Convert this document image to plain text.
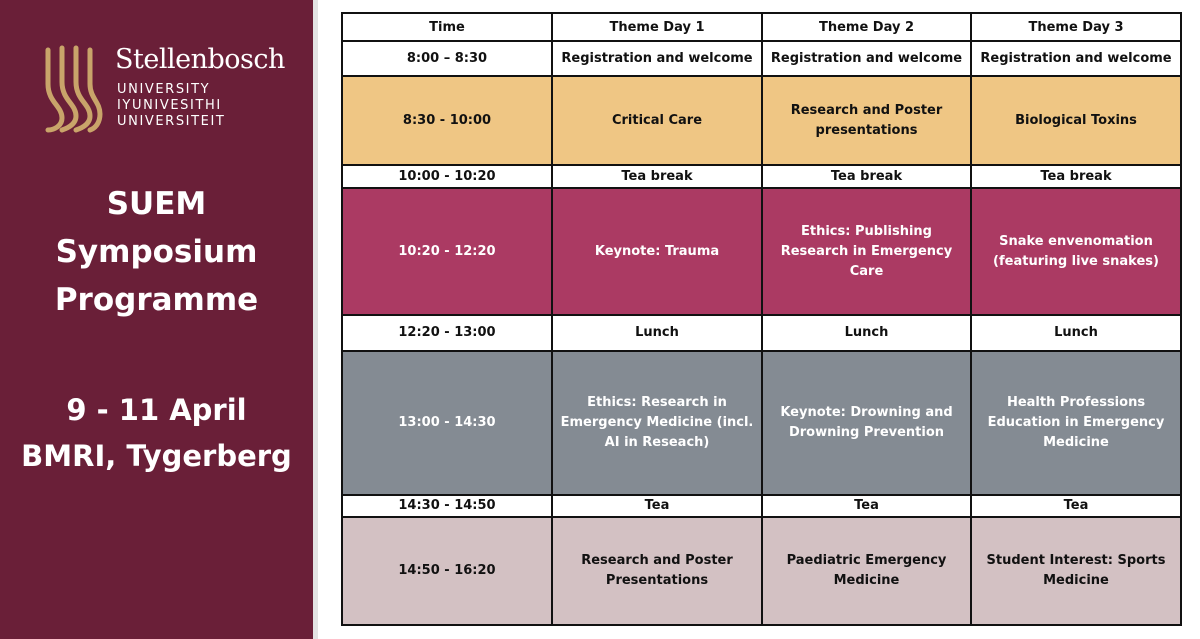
Stellenbosch
UNIVERSITY
IYUNIVESITHI
UNIVERSITEIT
SUEM
Symposium
Programme
9 - 11 April
BMRI, Tygerberg
Time	Theme Day 1	Theme Day 2	Theme Day 3
8:00 – 8:30	Registration and welcome	Registration and welcome	Registration and welcome
8:30 - 10:00	Critical Care	Research and Poster presentations	Biological Toxins
10:00 - 10:20	Tea break	Tea break	Tea break
10:20 - 12:20	Keynote: Trauma	Ethics: Publishing Research in Emergency Care	Snake envenomation (featuring live snakes)
12:20 - 13:00	Lunch	Lunch	Lunch
13:00 - 14:30	Ethics: Research in Emergency Medicine (incl. AI in Reseach)	Keynote: Drowning and Drowning Prevention	Health Professions Education in Emergency Medicine
14:30 - 14:50	Tea	Tea	Tea
14:50 - 16:20	Research and Poster Presentations	Paediatric Emergency Medicine	Student Interest: Sports Medicine
